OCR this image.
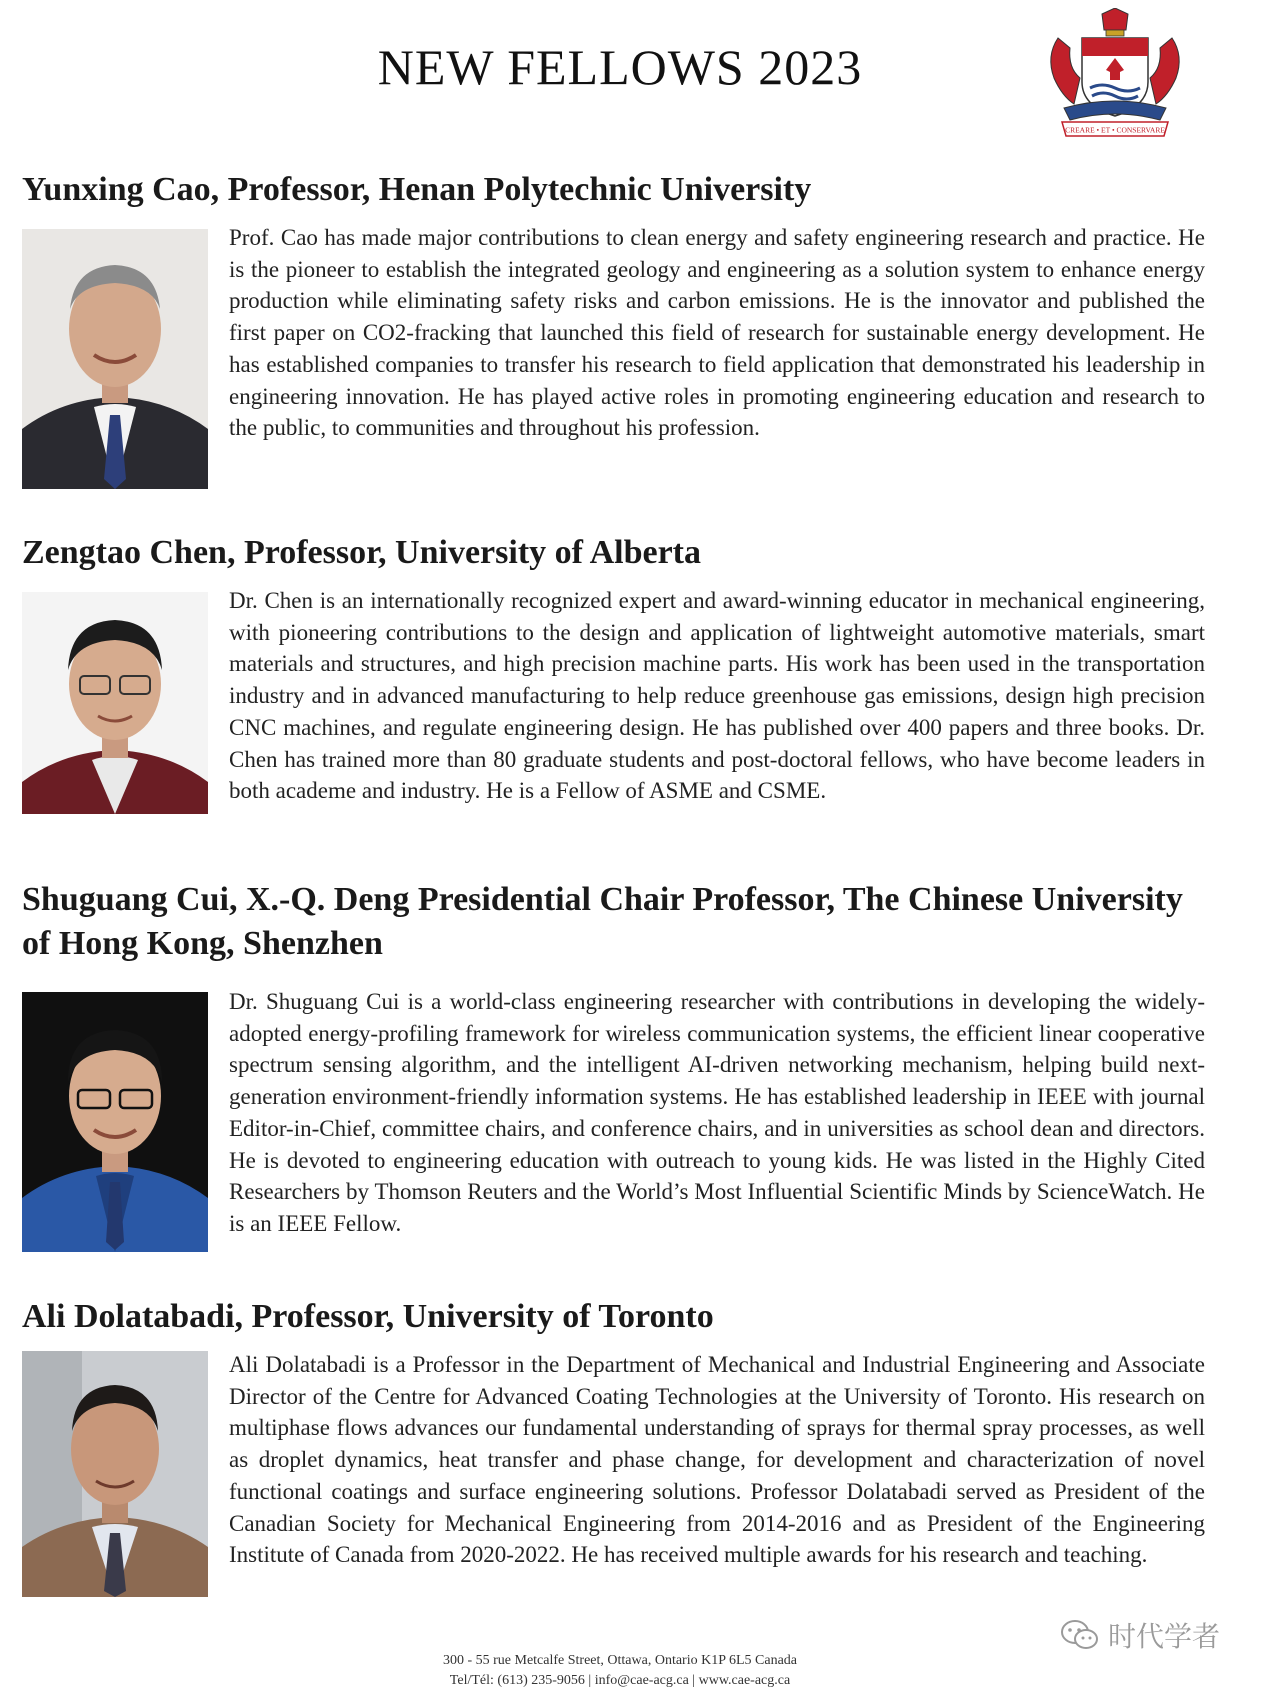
NEW FELLOWS 2023
CREARE • ET • CONSERVARE
Yunxing Cao, Professor, Henan Polytechnic University
Prof. Cao has made major contributions to clean energy and safety engineering research and practice. He is the pioneer to establish the integrated geology and engineering as a solution system to enhance energy production while eliminating safety risks and carbon emissions. He is the innovator and published the first paper on CO2-fracking that launched this field of research for sustainable energy development. He has established companies to transfer his research to field application that demonstrated his leadership in engineering innovation. He has played active roles in promoting engineering education and research to the public, to communities and throughout his profession.
Zengtao Chen, Professor, University of Alberta
Dr. Chen is an internationally recognized expert and award-winning educator in mechanical engineering, with pioneering contributions to the design and application of lightweight automotive materials, smart materials and structures, and high precision machine parts. His work has been used in the transportation industry and in advanced manufacturing to help reduce greenhouse gas emissions, design high precision CNC machines, and regulate engineering design. He has published over 400 papers and three books. Dr. Chen has trained more than 80 graduate students and post-doctoral fellows, who have become leaders in both academe and industry. He is a Fellow of ASME and CSME.
Shuguang Cui, X.-Q. Deng Presidential Chair Professor, The Chinese University of Hong Kong, Shenzhen
Dr. Shuguang Cui is a world-class engineering researcher with contributions in developing the widely-adopted energy-profiling framework for wireless communication systems, the efficient linear cooperative spectrum sensing algorithm, and the intelligent AI-driven networking mechanism, helping build next-generation environment-friendly information systems. He has established leadership in IEEE with journal Editor-in-Chief, committee chairs, and conference chairs, and in universities as school dean and directors. He is devoted to engineering education with outreach to young kids. He was listed in the Highly Cited Researchers by Thomson Reuters and the World’s Most Influential Scientific Minds by ScienceWatch. He is an IEEE Fellow.
Ali Dolatabadi, Professor, University of Toronto
Ali Dolatabadi is a Professor in the Department of Mechanical and Industrial Engineering and Associate Director of the Centre for Advanced Coating Technologies at the University of Toronto. His research on multiphase flows advances our fundamental understanding of sprays for thermal spray processes, as well as droplet dynamics, heat transfer and phase change, for development and characterization of novel functional coatings and surface engineering solutions. Professor Dolatabadi served as President of the Canadian Society for Mechanical Engineering from 2014-2016 and as President of the Engineering Institute of Canada from 2020-2022. He has received multiple awards for his research and teaching.
时代学者
300 - 55 rue Metcalfe Street, Ottawa, Ontario K1P 6L5 Canada
Tel/Tél: (613) 235-9056 | info@cae-acg.ca | www.cae-acg.ca
